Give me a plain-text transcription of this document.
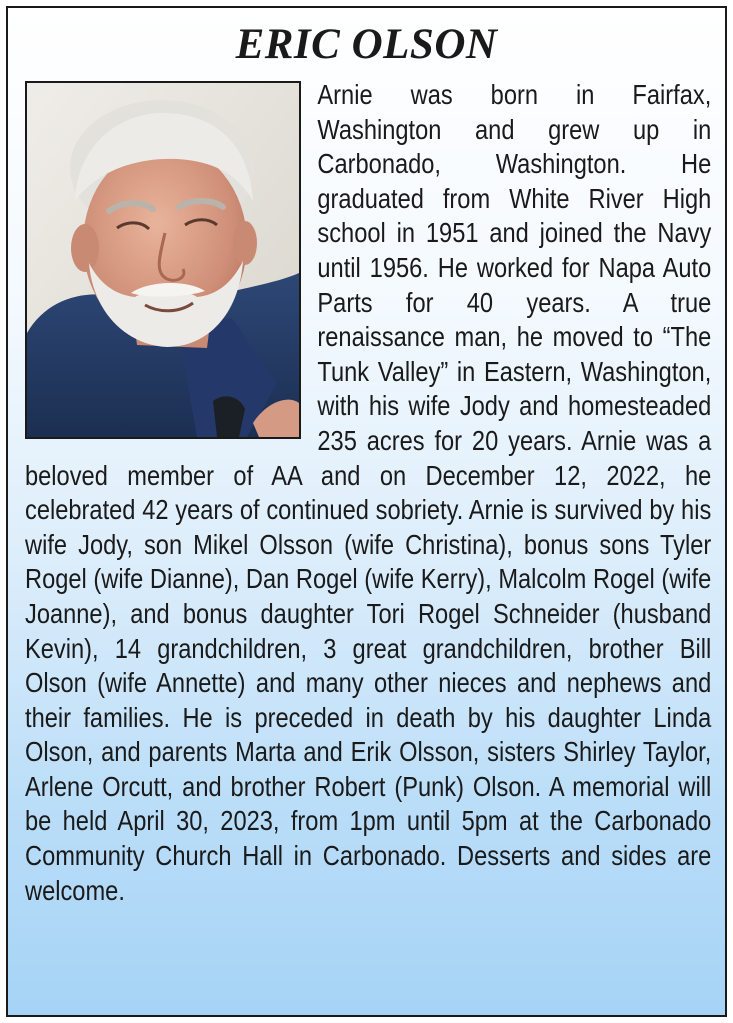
ERIC OLSON

Arnie was born in Fairfax, Washington and grew up in Carbonado, Washington. He graduated from White River High school in 1951 and joined the Navy until 1956. He worked for Napa Auto Parts for 40 years. A true renaissance man, he moved to “The Tunk Valley” in Eastern, Washington, with his wife Jody and homesteaded 235 acres for 20 years. Arnie was a beloved member of AA and on December 12, 2022, he celebrated 42 years of continued sobriety. Arnie is survived by his wife Jody, son Mikel Olsson (wife Christina), bonus sons Tyler Rogel (wife Dianne), Dan Rogel (wife Kerry), Malcolm Rogel (wife Joanne), and bonus daughter Tori Rogel Schneider (husband Kevin), 14 grandchildren, 3 great grandchildren, brother Bill Olson (wife Annette) and many other nieces and nephews and their families. He is preceded in death by his daughter Linda Olson, and parents Marta and Erik Olsson, sisters Shirley Taylor, Arlene Orcutt, and brother Robert (Punk) Olson. A memorial will be held April 30, 2023, from 1pm until 5pm at the Carbonado Community Church Hall in Carbonado. Desserts and sides are welcome.
